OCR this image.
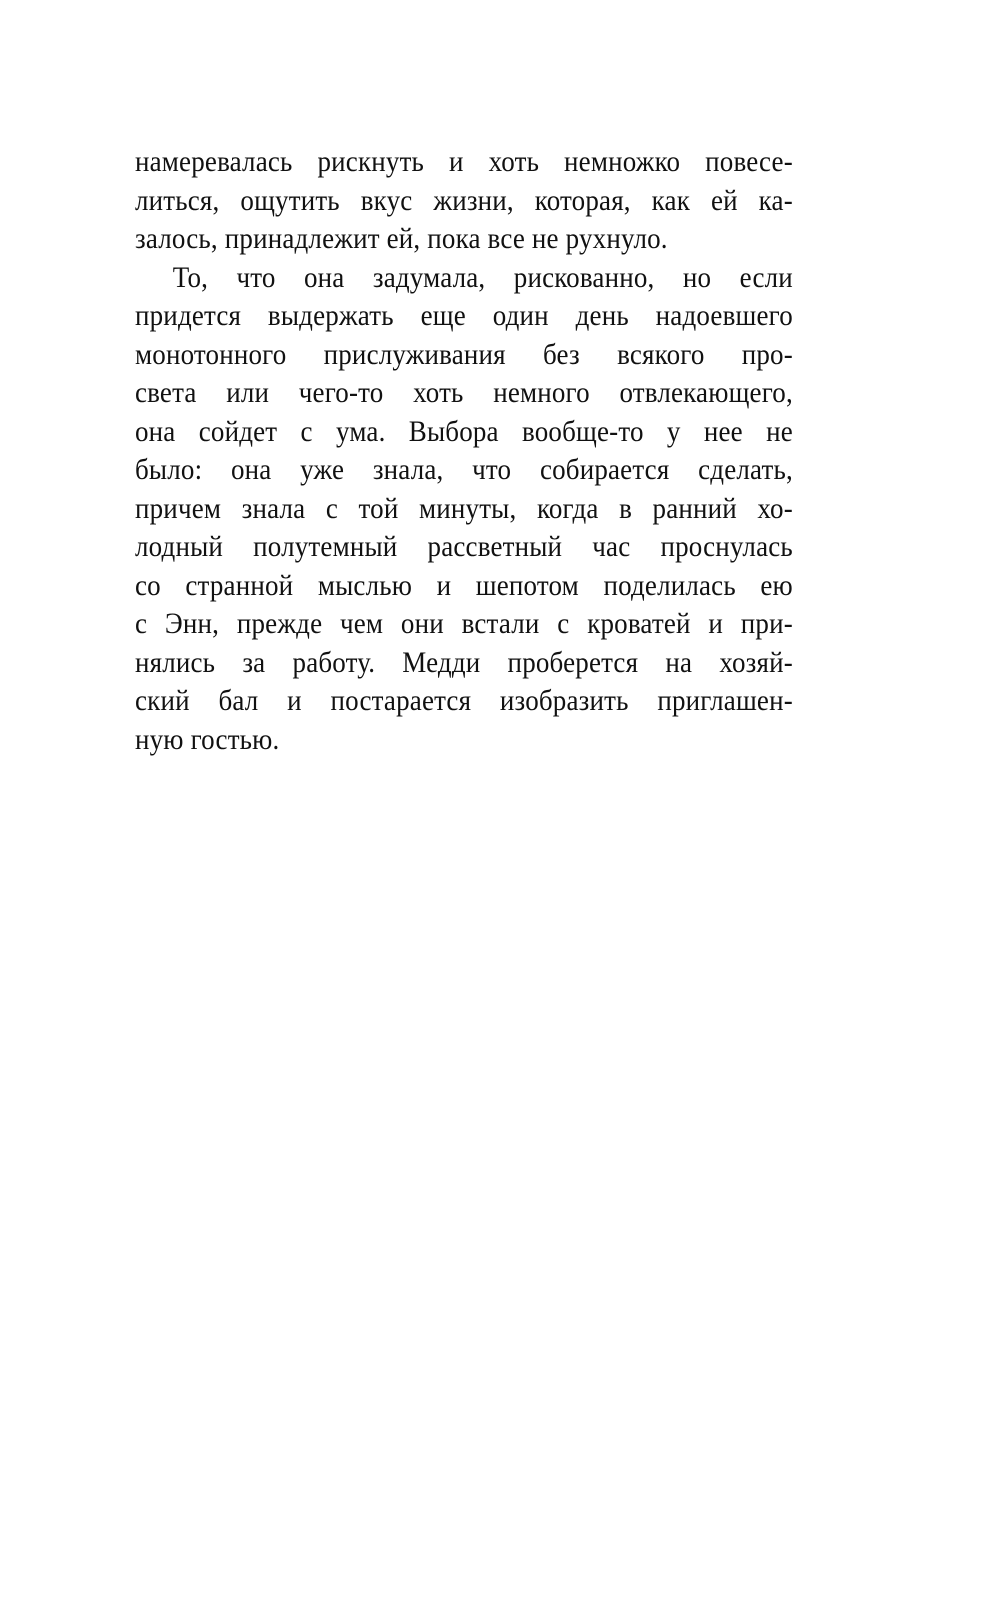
намеревалась рискнуть и хоть немножко повесе-
литься, ощутить вкус жизни, которая, как ей ка-
залось, принадлежит ей, пока все не рухнуло.
То, что она задумала, рискованно, но если
придется выдержать еще один день надоевшего
монотонного прислуживания без всякого про-
света или чего-то хоть немного отвлекающего,
она сойдет с ума. Выбора вообще-то у нее не
было: она уже знала, что собирается сделать,
причем знала с той минуты, когда в ранний хо-
лодный полутемный рассветный час проснулась
со странной мыслью и шепотом поделилась ею
с Энн, прежде чем они встали с кроватей и при-
нялись за работу. Медди проберется на хозяй-
ский бал и постарается изобразить приглашен-
ную гостью.
